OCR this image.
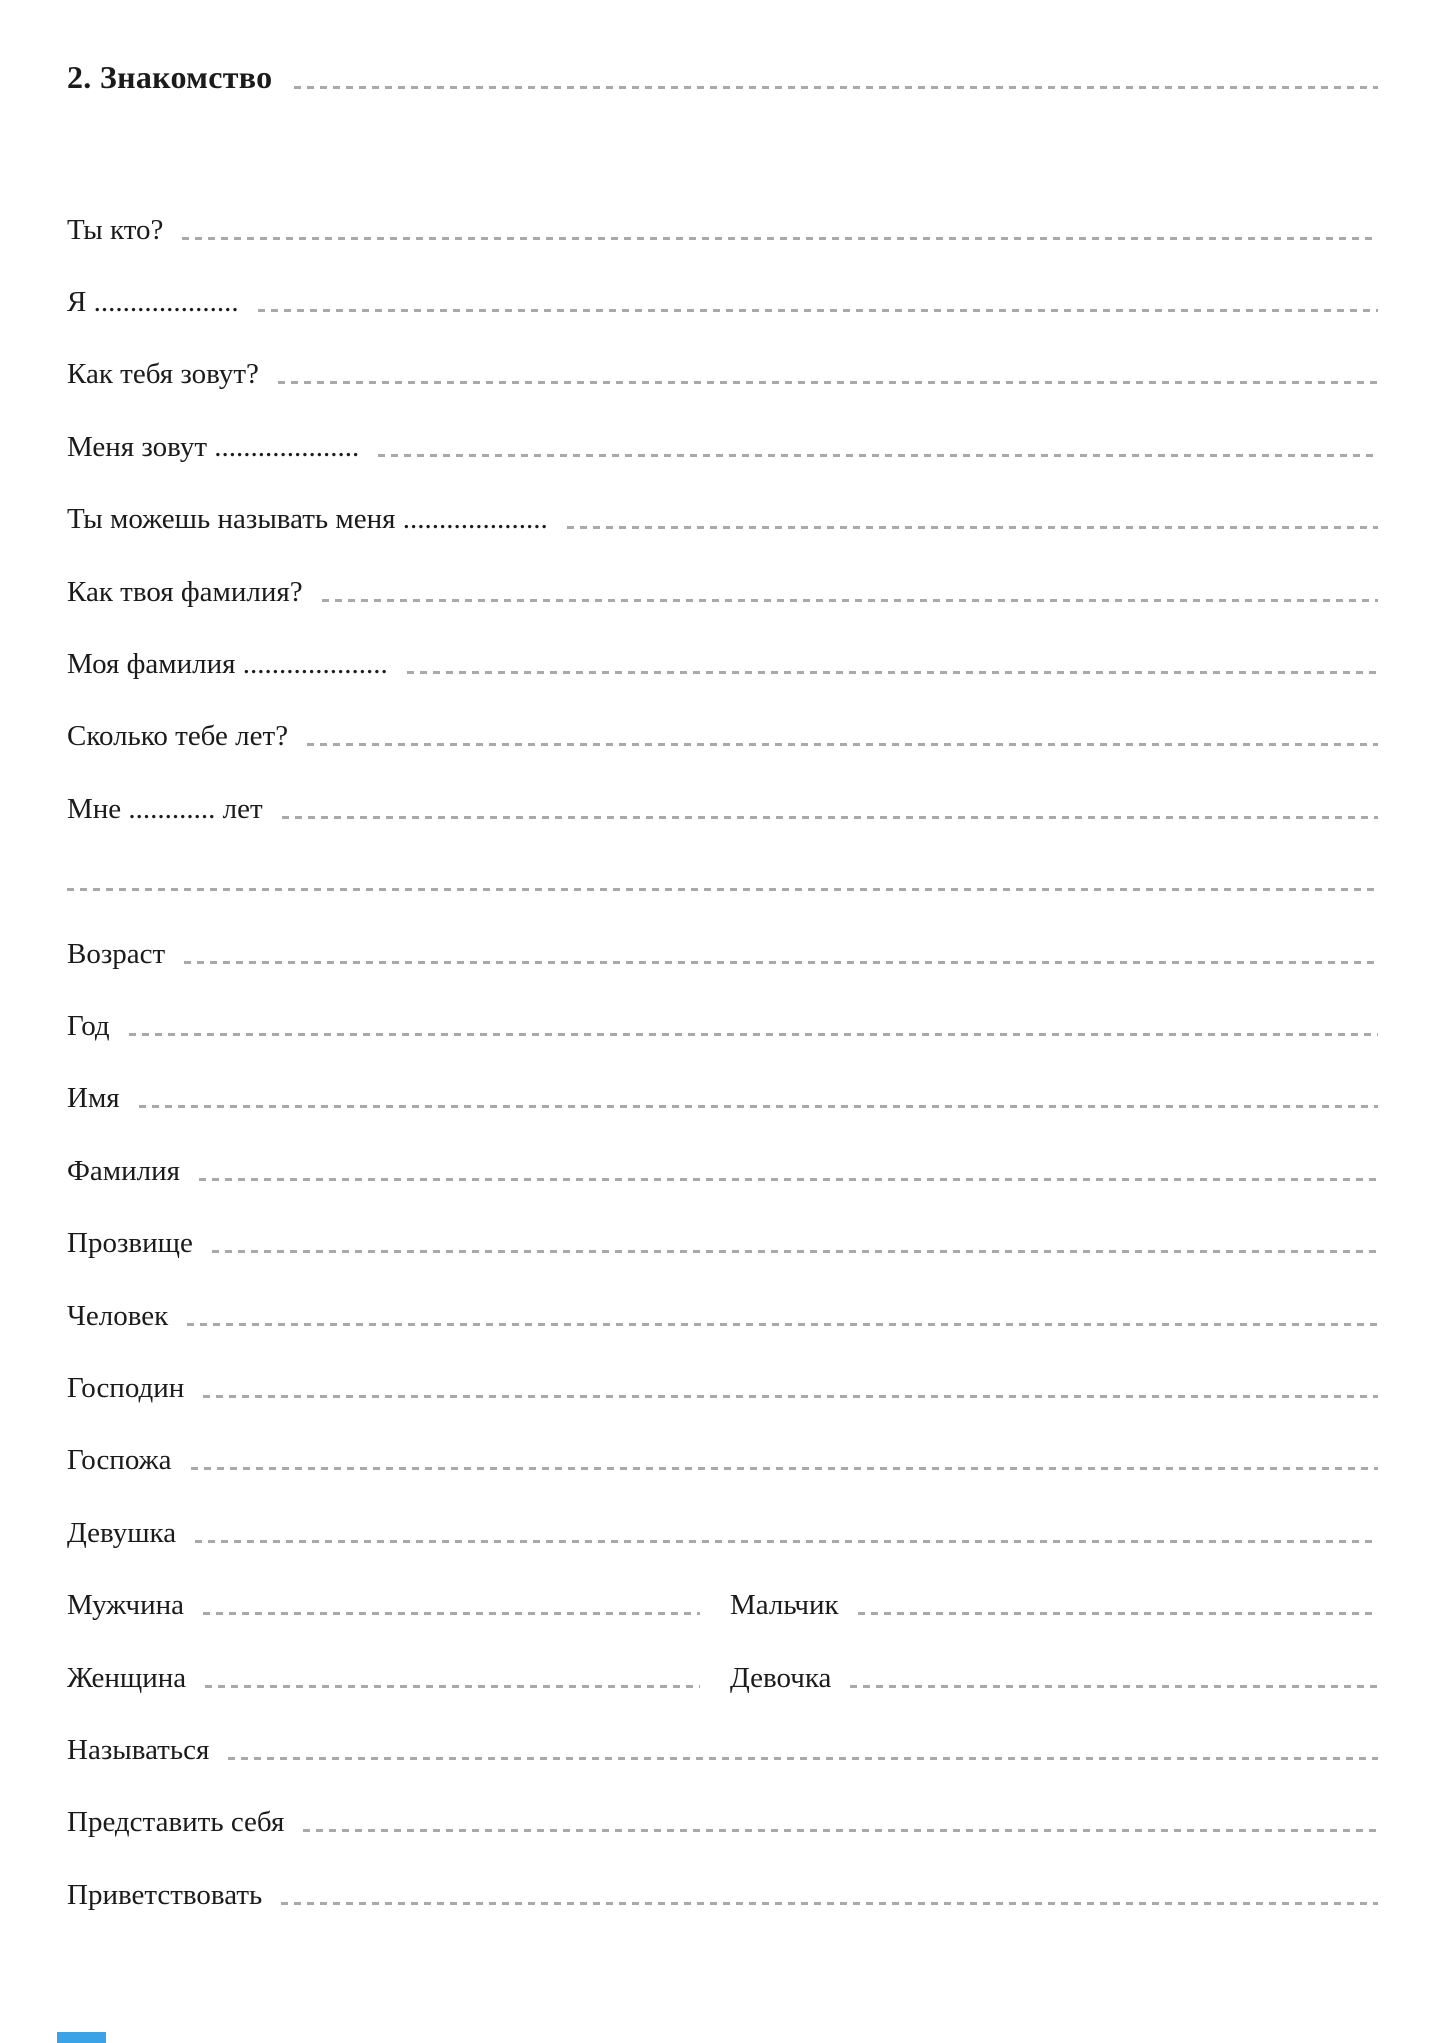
2. Знакомство
Ты кто?
Я ....................
Как тебя зовут?
Меня зовут ....................
Ты можешь называть меня ....................
Как твоя фамилия?
Моя фамилия ....................
Сколько тебе лет?
Мне ............ лет
Возраст
Год
Имя
Фамилия
Прозвище
Человек
Господин
Госпожа
Девушка
Мужчина	Мальчик
Женщина	Девочка
Называться
Представить себя
Приветствовать
